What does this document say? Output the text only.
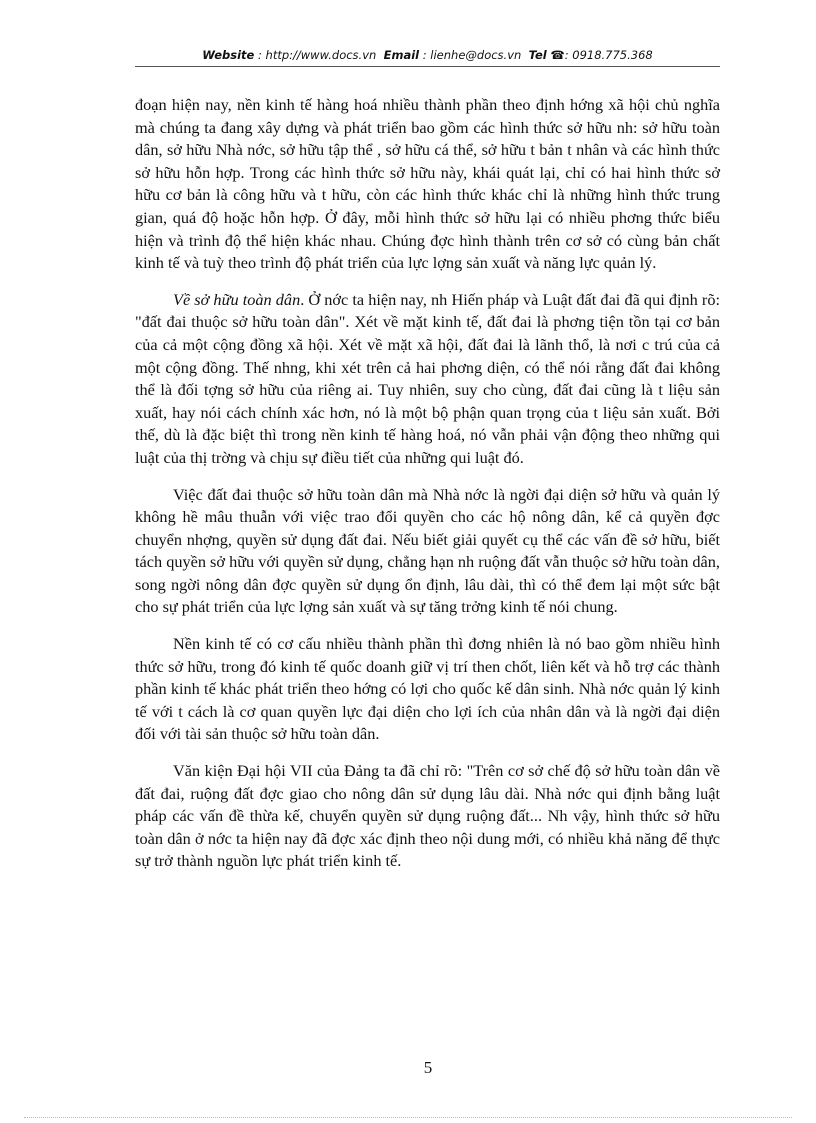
Website : http://www.docs.vn Email : lienhe@docs.vn Tel ☎: 0918.775.368

đoạn hiện nay, nền kinh tế hàng hoá nhiều thành phần theo định hớng xã hội chủ nghĩa mà chúng ta đang xây dựng và phát triển bao gồm các hình thức sở hữu nh: sở hữu toàn dân, sở hữu Nhà nớc, sở hữu tập thể , sở hữu cá thể, sở hữu t bản t nhân và các hình thức sở hữu hỗn hợp. Trong các hình thức sở hữu này, khái quát lại, chỉ có hai hình thức sở hữu cơ bản là công hữu và t hữu, còn các hình thức khác chỉ là những hình thức trung gian, quá độ hoặc hỗn hợp. Ở đây, mỗi hình thức sở hữu lại có nhiều phơng thức biểu hiện và trình độ thể hiện khác nhau. Chúng đợc hình thành trên cơ sở có cùng bản chất kinh tế và tuỳ theo trình độ phát triển của lực lợng sản xuất và năng lực quản lý.

Về sở hữu toàn dân. Ở nớc ta hiện nay, nh Hiến pháp và Luật đất đai đã qui định rõ: "đất đai thuộc sở hữu toàn dân". Xét về mặt kinh tế, đất đai là phơng tiện tồn tại cơ bản của cả một cộng đồng xã hội. Xét về mặt xã hội, đất đai là lãnh thổ, là nơi c trú của cả một cộng đồng. Thế nhng, khi xét trên cả hai phơng diện, có thể nói rằng đất đai không thể là đối tợng sở hữu của riêng ai. Tuy nhiên, suy cho cùng, đất đai cũng là t liệu sản xuất, hay nói cách chính xác hơn, nó là một bộ phận quan trọng của t liệu sản xuất. Bởi thế, dù là đặc biệt thì trong nền kinh tế hàng hoá, nó vẫn phải vận động theo những qui luật của thị trờng và chịu sự điều tiết của những qui luật đó.

Việc đất đai thuộc sở hữu toàn dân mà Nhà nớc là ngời đại diện sở hữu và quản lý không hề mâu thuẫn với việc trao đổi quyền cho các hộ nông dân, kể cả quyền đợc chuyển nhợng, quyền sử dụng đất đai. Nếu biết giải quyết cụ thể các vấn đề sở hữu, biết tách quyền sở hữu với quyền sử dụng, chẳng hạn nh ruộng đất vẫn thuộc sở hữu toàn dân, song ngời nông dân đợc quyền sử dụng ổn định, lâu dài, thì có thể đem lại một sức bật cho sự phát triển của lực lợng sản xuất và sự tăng trởng kinh tế nói chung.

Nền kinh tế có cơ cấu nhiều thành phần thì đơng nhiên là nó bao gồm nhiều hình thức sở hữu, trong đó kinh tế quốc doanh giữ vị trí then chốt, liên kết và hỗ trợ các thành phần kinh tế khác phát triển theo hớng có lợi cho quốc kế dân sinh. Nhà nớc quản lý kinh tế với t cách là cơ quan quyền lực đại diện cho lợi ích của nhân dân và là ngời đại diện đối với tài sản thuộc sở hữu toàn dân.

Văn kiện Đại hội VII của Đảng ta đã chỉ rõ: "Trên cơ sở chế độ sở hữu toàn dân về đất đai, ruộng đất đợc giao cho nông dân sử dụng lâu dài. Nhà nớc qui định bằng luật pháp các vấn đề thừa kế, chuyển quyền sử dụng ruộng đất... Nh vậy, hình thức sở hữu toàn dân ở nớc ta hiện nay đã đợc xác định theo nội dung mới, có nhiều khả năng để thực sự trở thành nguồn lực phát triển kinh tế.

5
